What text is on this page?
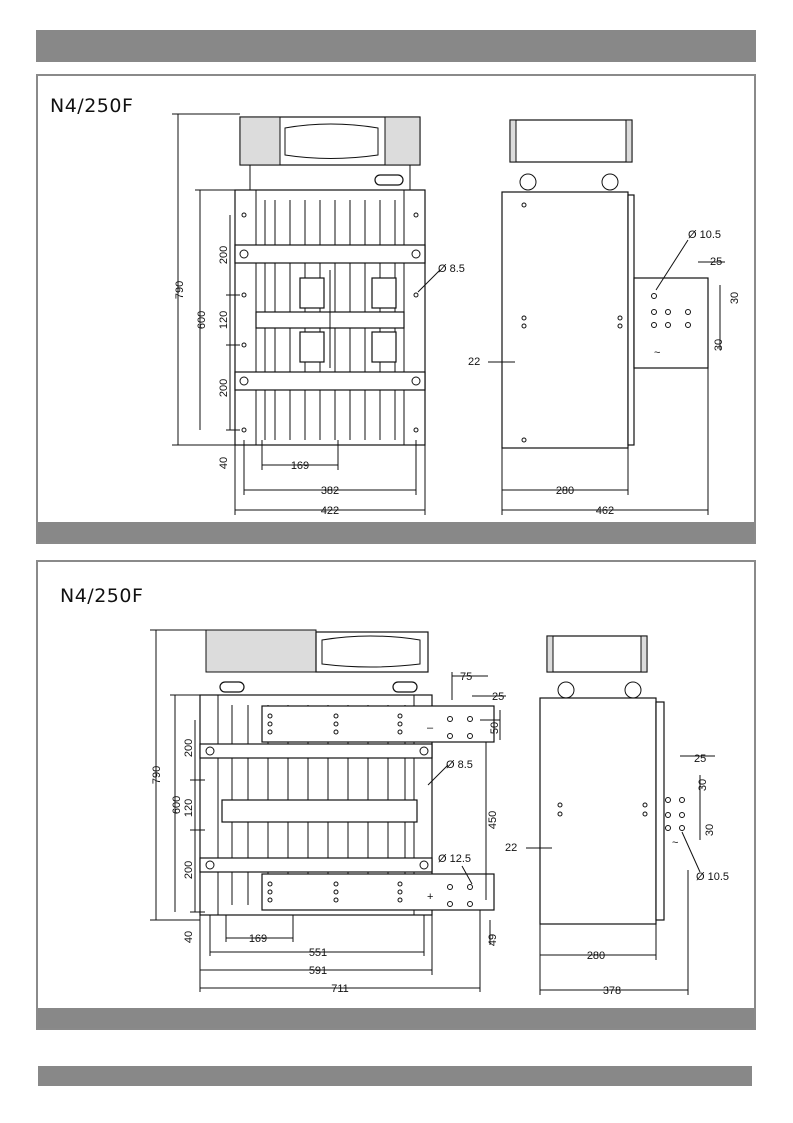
N4/250F
790
600
200
120
200
40	169
382
422
Ø 8.5
Ø 10.5
25
30
30
22
280
462
~
N4/250F
790
600
200
120
200
40	169
551
591
711
75
25
50
450
49
Ø 8.5
Ø 12.5
–
+
25
30
30
22
Ø 10.5
280
378
~
